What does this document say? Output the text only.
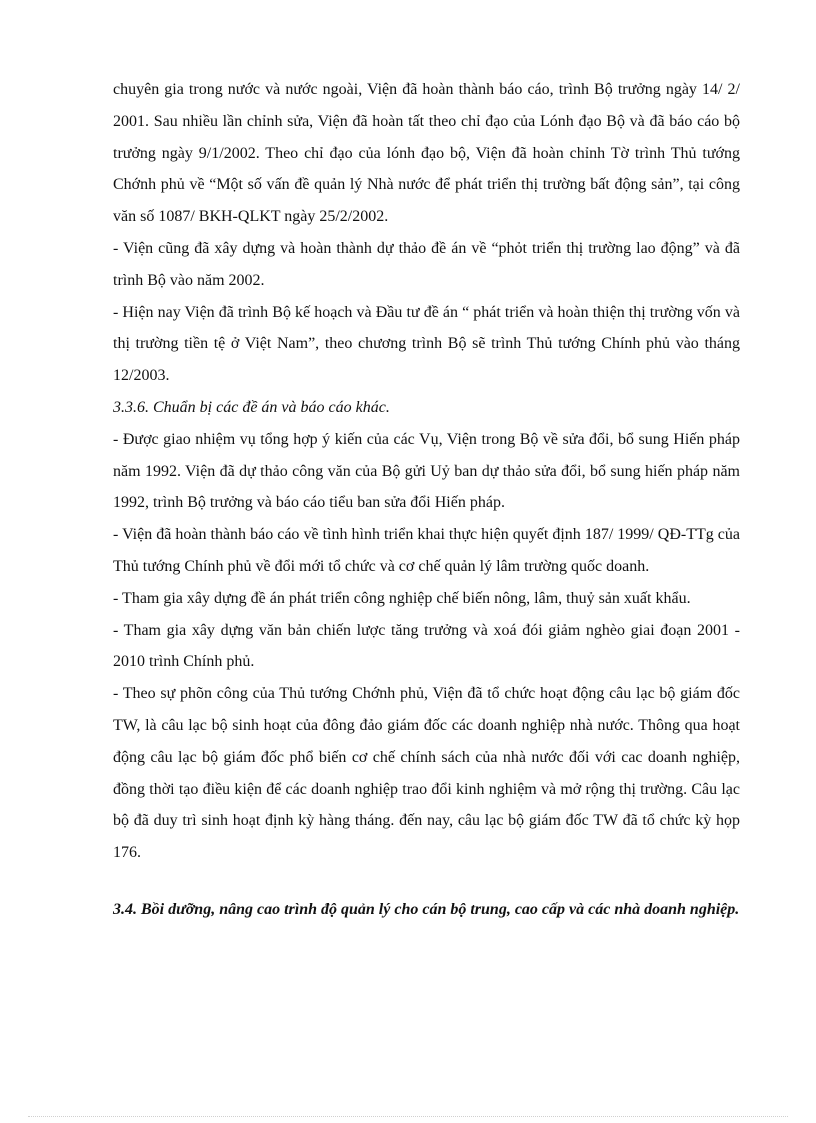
chuyên gia trong nước và nước ngoài, Viện đã hoàn thành báo cáo, trình Bộ trưởng ngày 14/ 2/ 2001. Sau nhiều lần chỉnh sửa, Viện đã hoàn tất theo chỉ đạo của Lónh đạo Bộ và đã báo cáo bộ trưởng ngày 9/1/2002. Theo chỉ đạo của lónh đạo bộ, Viện đã hoàn chỉnh Tờ trình Thủ tướng Chớnh phủ về “Một số vấn đề quản lý Nhà nước để phát triển thị trường bất động sản”, tại công văn số 1087/ BKH-QLKT ngày 25/2/2002.

- Viện cũng đã xây dựng và hoàn thành dự thảo đề án về “phỏt triển thị trường lao động” và đã trình Bộ vào năm 2002.

- Hiện nay Viện đã trình Bộ kế hoạch và Đầu tư đề án “ phát triển và hoàn thiện thị trường vốn và thị trường tiền tệ ở Việt Nam”, theo chương trình Bộ sẽ trình Thủ tướng Chính phủ vào tháng 12/2003.

3.3.6. Chuẩn bị các đề án và báo cáo khác.

- Được giao nhiệm vụ tổng hợp ý kiến của các Vụ, Viện trong Bộ về sửa đổi, bổ sung Hiến pháp năm 1992. Viện đã dự thảo công văn của Bộ gửi Uỷ ban dự thảo sửa đổi, bổ sung hiến pháp năm 1992, trình Bộ trưởng và báo cáo tiểu ban sửa đổi Hiến pháp.

- Viện đã hoàn thành báo cáo về tình hình triển khai thực hiện quyết định 187/ 1999/ QĐ-TTg của Thủ tướng Chính phủ về đổi mới tổ chức và cơ chế quản lý lâm trường quốc doanh.

- Tham gia xây dựng đề án phát triển công nghiệp chế biến nông, lâm, thuỷ sản xuất khẩu.

- Tham gia xây dựng văn bản chiến lược tăng trưởng và xoá đói giảm nghèo giai đoạn 2001 - 2010 trình Chính phủ.

- Theo sự phõn công của Thủ tướng Chớnh phủ, Viện đã tổ chức hoạt động câu lạc bộ giám đốc TW, là câu lạc bộ sinh hoạt của đông đảo giám đốc các doanh nghiệp nhà nước. Thông qua hoạt động câu lạc bộ giám đốc phổ biến cơ chế chính sách của nhà nước đối với cac doanh nghiệp, đồng thời tạo điều kiện để các doanh nghiệp trao đổi kinh nghiệm và mở rộng thị trường. Câu lạc bộ đã duy trì sinh hoạt định kỳ hàng tháng. đến nay, câu lạc bộ giám đốc TW đã tổ chức kỳ họp 176.

3.4. Bồi dưỡng, nâng cao trình độ quản lý cho cán bộ trung, cao cấp và các nhà doanh nghiệp.
